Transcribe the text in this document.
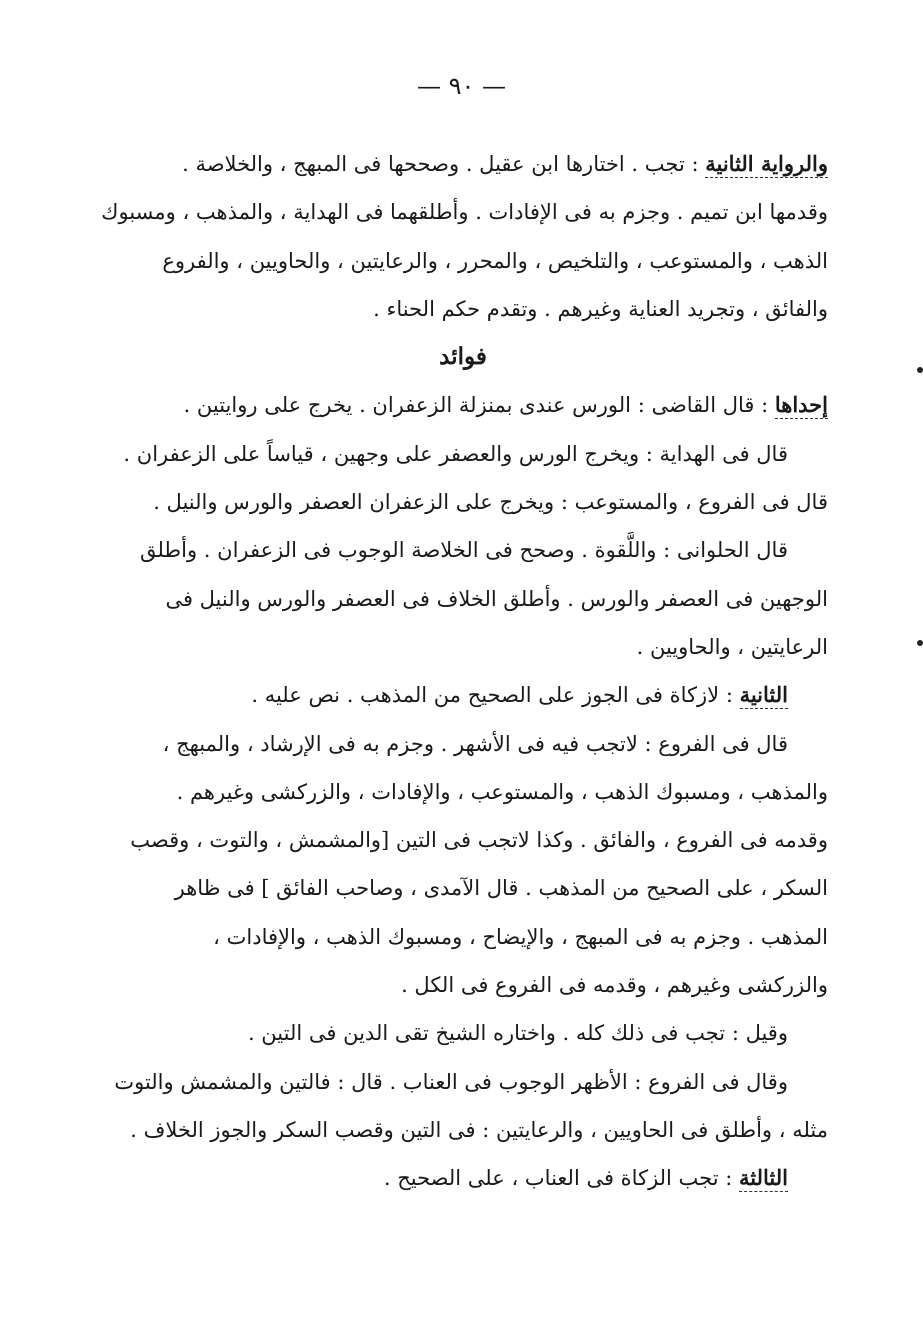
— ٩٠ —
والرواية الثانية : تجب . اختارها ابن عقيل . وصححها فى المبهج ، والخلاصة .
وقدمها ابن تميم . وجزم به فى الإفادات . وأطلقهما فى الهداية ، والمذهب ، ومسبوك
الذهب ، والمستوعب ، والتلخيص ، والمحرر ، والرعايتين ، والحاويين ، والفروع
والفائق ، وتجريد العناية وغيرهم . وتقدم حكم الحناء .
فوائد
إحداها : قال القاضى : الورس عندى بمنزلة الزعفران . يخرج على روايتين .
قال فى الهداية : ويخرج الورس والعصفر على وجهين ، قياساً على الزعفران .
قال فى الفروع ، والمستوعب : ويخرج على الزعفران العصفر والورس والنيل .
قال الحلوانى : واللَّقوة . وصحح فى الخلاصة الوجوب فى الزعفران . وأطلق
الوجهين فى العصفر والورس . وأطلق الخلاف فى العصفر والورس والنيل فى
الرعايتين ، والحاويين .
الثانية : لازكاة فى الجوز على الصحيح من المذهب . نص عليه .
قال فى الفروع : لاتجب فيه فى الأشهر . وجزم به فى الإرشاد ، والمبهج ،
والمذهب ، ومسبوك الذهب ، والمستوعب ، والإفادات ، والزركشى وغيرهم .
وقدمه فى الفروع ، والفائق . وكذا لاتجب فى التين [والمشمش ، والتوت ، وقصب
السكر ، على الصحيح من المذهب . قال الآمدى ، وصاحب الفائق ] فى ظاهر
المذهب . وجزم به فى المبهج ، والإيضاح ، ومسبوك الذهب ، والإفادات ،
والزركشى وغيرهم ، وقدمه فى الفروع فى الكل .
وقيل : تجب فى ذلك كله . واختاره الشيخ تقى الدين فى التين .
وقال فى الفروع : الأظهر الوجوب فى العناب . قال : فالتين والمشمش والتوت
مثله ، وأطلق فى الحاويين ، والرعايتين : فى التين وقصب السكر والجوز الخلاف .
الثالثة : تجب الزكاة فى العناب ، على الصحيح .
